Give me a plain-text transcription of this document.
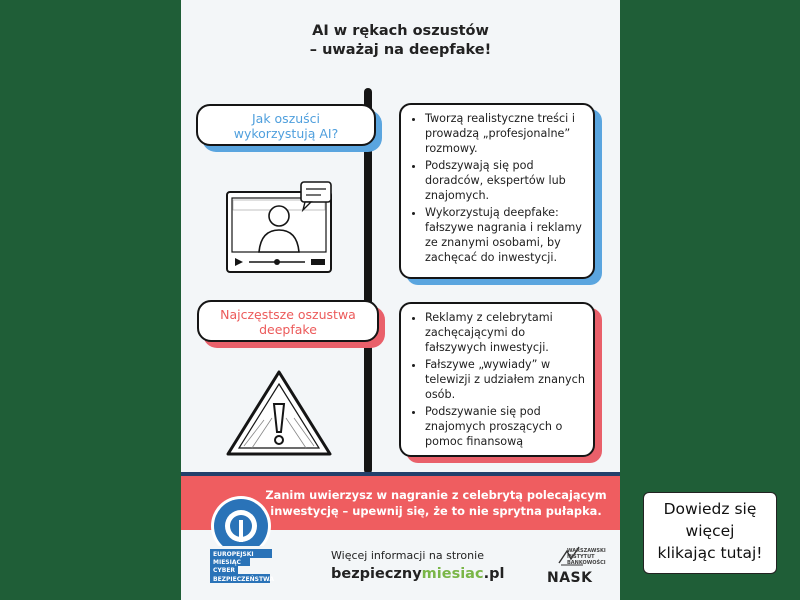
AI w rękach oszustów
– uważaj na deepfake!
Jak oszuści
wykorzystują AI?
• Tworzą realistyczne treści i prowadzą „profesjonalne” rozmowy.
• Podszywają się pod doradców, ekspertów lub znajomych.
• Wykorzystują deepfake: fałszywe nagrania i reklamy ze znanymi osobami, by zachęcać do inwestycji.
Najczęstsze oszustwa
deepfake
• Reklamy z celebrytami zachęcającymi do fałszywych inwestycji.
• Fałszywe „wywiady” w telewizji z udziałem znanych osób.
• Podszywanie się pod znajomych proszących o pomoc finansową
Zanim uwierzysz w nagranie z celebrytą polecającym inwestycję – upewnij się, że to nie sprytna pułapka.
EUROPEJSKI
MIESIĄC
CYBER
BEZPIECZEŃSTWA
Więcej informacji na stronie
bezpiecznymiesiac.pl
WARSZAWSKI
INSTYTUT
BANKOWOŚCI
NASK
Dowiedz się
więcej
klikając tutaj!
